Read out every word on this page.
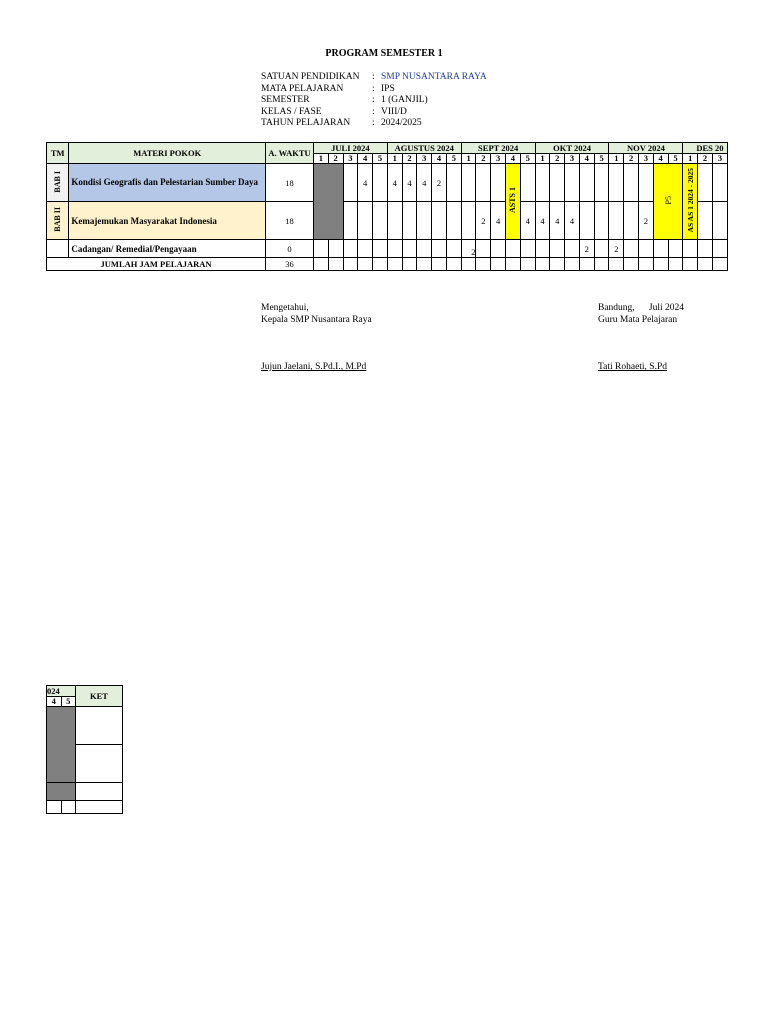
PROGRAM SEMESTER 1
SATUAN PENDIDIKAN	: SMP NUSANTARA RAYA
MATA PELAJARAN	: IPS
SEMESTER	: 1 (GANJIL)
KELAS / FASE	: VIII/D
TAHUN PELAJARAN	: 2024/2025
TM	MATERI POKOK	A. WAKTU	JULI 2024					AGUSTUS 2024					SEPT 2024					OKT 2024					NOV 2024					DES 20		
			1	2	3	4	5	1	2	3	4	5	1	2	3	4	5	1	2	3	4	5	1	2	3	4	5	1	2	3
BAB I	Kondisi Geografis dan Pelestarian Sumber Daya	18				4		4	4	4	2					ASTS 1										P5		AS AS 1 2024 - 2025		
BAB II	Kemajemukan Masyarakat Indonesia	18												2	4		4	4	4	4					2					
	Cadangan/ Remedial/Pengayaan	0											2								2		2							
JUMLAH JAM PELAJARAN		36																												
Mengetahui,
Kepala SMP Nusantara Raya
Jujun Jaelani, S.Pd.I., M.Pd
Bandung,      Juli 2024
Guru Mata Pelajaran
Tati Rohaeti, S.Pd
024		KET
4	5	
